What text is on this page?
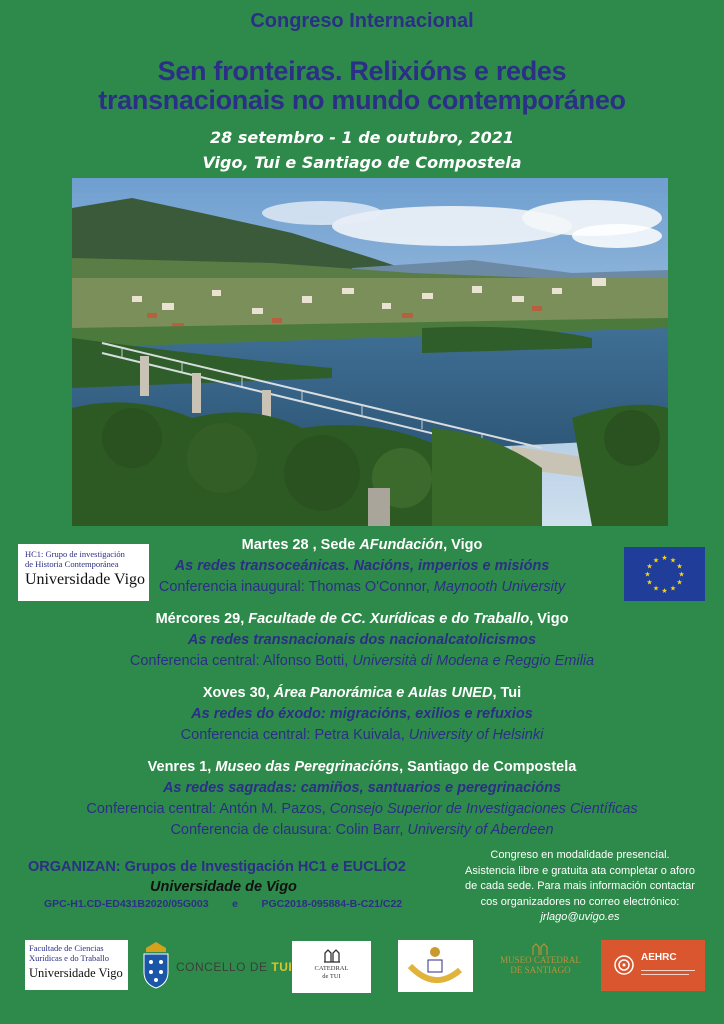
Congreso Internacional
Sen fronteiras. Relixións e redes
transnacionais no mundo contemporáneo
28 setembro - 1 de outubro, 2021
Vigo, Tui e Santiago de Compostela
HC1: Grupo de investigación
de Historia Contemporánea
Universidade Vigo
★ ★
★
★
★
★
★
★
★
★
★
★
Martes 28 , Sede AFundación, Vigo
As redes transoceánicas. Nacións, imperios e misións
Conferencia inaugural: Thomas O'Connor, Maynooth University
Mércores 29, Facultade de CC. Xurídicas e do Traballo, Vigo
As redes transnacionais dos nacionalcatolicismos
Conferencia central: Alfonso Botti, Università di Modena e Reggio Emilia
Xoves 30, Área Panorámica e Aulas UNED, Tui
As redes do éxodo: migracións, exilios e refuxios
Conferencia central: Petra Kuivala, University of Helsinki
Venres 1, Museo das Peregrinacións, Santiago de Compostela
As redes sagradas: camiños, santuarios e peregrinacións
Conferencia central: Antón M. Pazos, Consejo Superior de Investigaciones Científicas
Conferencia de clausura: Colin Barr, University of Aberdeen
ORGANIZAN: Grupos de Investigación HC1 e EUCLÍO2
Universidade de Vigo
GPC-H1.CD-ED431B2020/05G003 e PGC2018-095884-B-C21/C22
Congreso en modalidade presencial.
Asistencia libre e gratuita ata completar o aforo
de cada sede. Para mais información contactar
cos organizadores no correo electrónico:
jrlago@uvigo.es
Facultade de Ciencias
Xurídicas e do Traballo
Universidade Vigo	CONCELLO DE TUI	CATEDRAL
de TUI
MUSEO CATEDRAL
DE SANTIAGO
AEHRC
